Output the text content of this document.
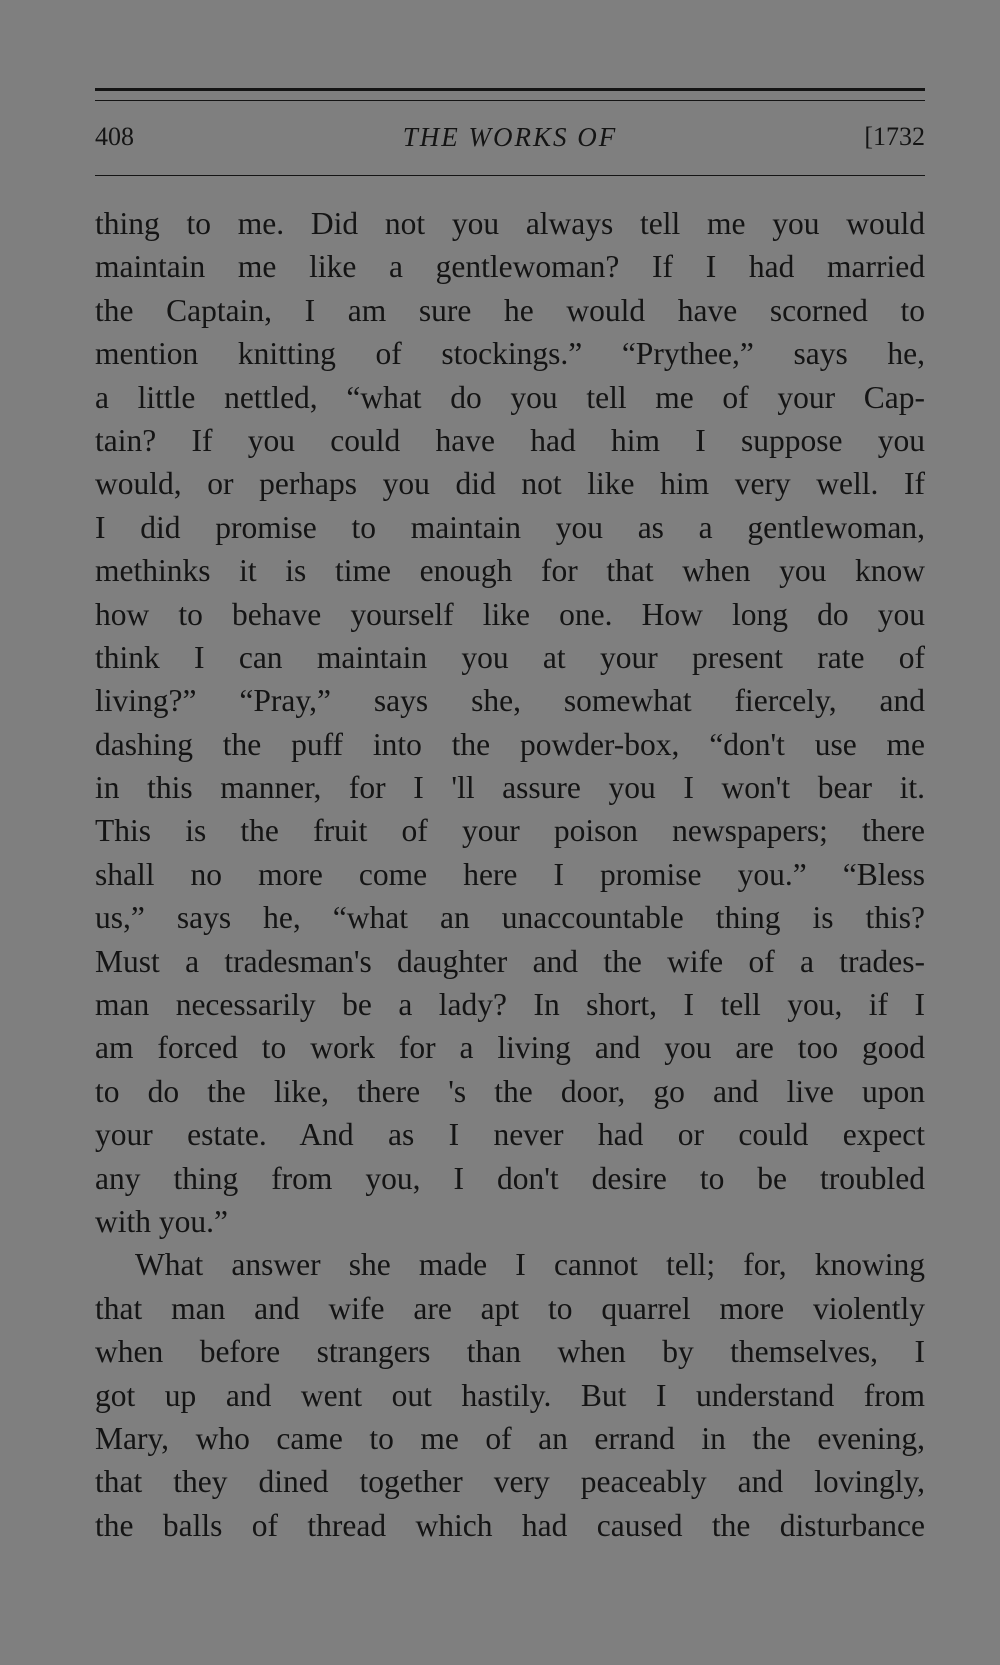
408	THE WORKS OF	[1732
thing to me. Did not you always tell me you would
maintain me like a gentlewoman? If I had married
the Captain, I am sure he would have scorned to
mention knitting of stockings.” “Prythee,” says he,
a little nettled, “what do you tell me of your Cap-
tain? If you could have had him I suppose you
would, or perhaps you did not like him very well. If
I did promise to maintain you as a gentlewoman,
methinks it is time enough for that when you know
how to behave yourself like one. How long do you
think I can maintain you at your present rate of
living?” “Pray,” says she, somewhat fiercely, and
dashing the puff into the powder-box, “don't use me
in this manner, for I 'll assure you I won't bear it.
This is the fruit of your poison newspapers; there
shall no more come here I promise you.” “Bless
us,” says he, “what an unaccountable thing is this?
Must a tradesman's daughter and the wife of a trades-
man necessarily be a lady? In short, I tell you, if I
am forced to work for a living and you are too good
to do the like, there 's the door, go and live upon
your estate. And as I never had or could expect
any thing from you, I don't desire to be troubled
with you.”
What answer she made I cannot tell; for, knowing
that man and wife are apt to quarrel more violently
when before strangers than when by themselves, I
got up and went out hastily. But I understand from
Mary, who came to me of an errand in the evening,
that they dined together very peaceably and lovingly,
the balls of thread which had caused the disturbance
